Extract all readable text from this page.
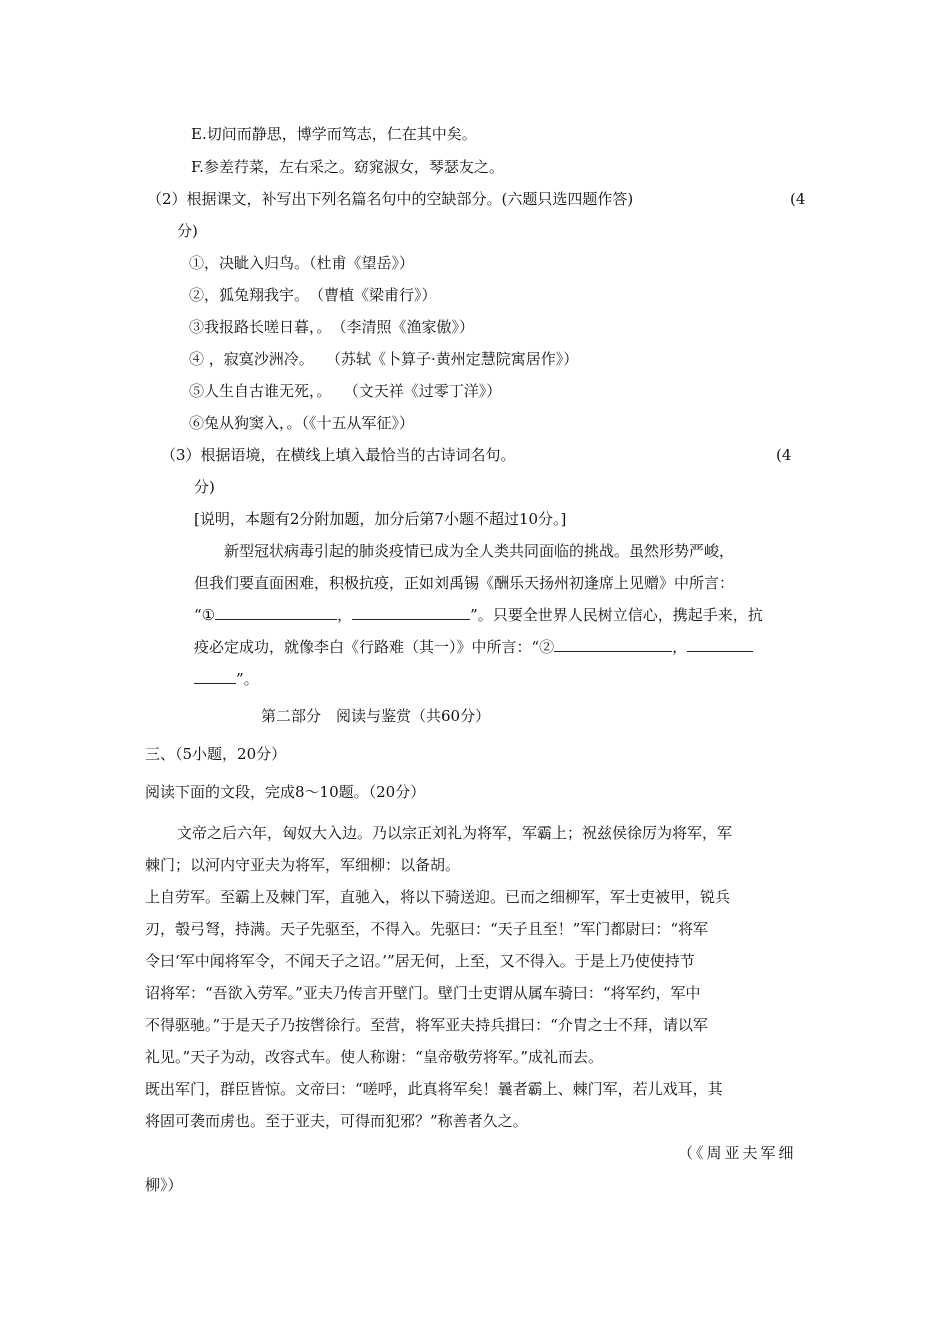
E.切问而静思，博学而笃志，仁在其中矣。
F.参差荇菜，左右采之。窈窕淑女，琴瑟友之。
（2）根据课文，补写出下列名篇名句中的空缺部分。(六题只选四题作答)	(4
分)
①，决眦入归鸟。（杜甫《望岳》）
②，狐兔翔我宇。　（曹植《梁甫行》）
③我报路长嗟日暮，。　（李清照《渔家傲》）
④ ，寂寞沙洲冷。　 （苏轼《卜算子·黄州定慧院寓居作》）
⑤人生自古谁无死，。　 （文天祥《过零丁洋》）
⑥兔从狗窦入，。（《十五从军征》）
（3）根据语境，在横线上填入最恰当的古诗词名句。	(4
分)
[说明，本题有2分附加题，加分后第7小题不超过10分。]
新型冠状病毒引起的肺炎疫情已成为全人类共同面临的挑战。虽然形势严峻，
但我们要直面困难，积极抗疫，正如刘禹锡《酬乐天扬州初逢席上见赠》中所言：
“①	，	”。只要全世界人民树立信心，携起手来，抗
疫必定成功，就像李白《行路难（其一）》中所言：“②	，
”。
第二部分　阅读与鉴赏（共60分）
三、（5小题，20分）
阅读下面的文段，完成8～10题。（20分）
文帝之后六年，匈奴大入边。乃以宗正刘礼为将军，军霸上；祝兹侯徐厉为将军，军
棘门；以河内守亚夫为将军，军细柳：以备胡。
上自劳军。至霸上及棘门军，直驰入，将以下骑送迎。已而之细柳军，军士吏被甲，锐兵
刃，彀弓弩，持满。天子先驱至，不得入。先驱曰：“天子且至！”军门都尉曰：“将军
令曰‘军中闻将军令，不闻天子之诏。’”居无何，上至，又不得入。于是上乃使使持节
诏将军：“吾欲入劳军。”亚夫乃传言开壁门。壁门士吏谓从属车骑曰：“将军约，军中
不得驱驰。”于是天子乃按辔徐行。至营，将军亚夫持兵揖曰：“介胄之士不拜，请以军
礼见。”天子为动，改容式车。使人称谢：“皇帝敬劳将军。”成礼而去。
既出军门，群臣皆惊。文帝曰：“嗟呼，此真将军矣！曩者霸上、棘门军，若儿戏耳，其
将固可袭而虏也。至于亚夫，可得而犯邪？”称善者久之。
（《周亚夫军细
柳》）
